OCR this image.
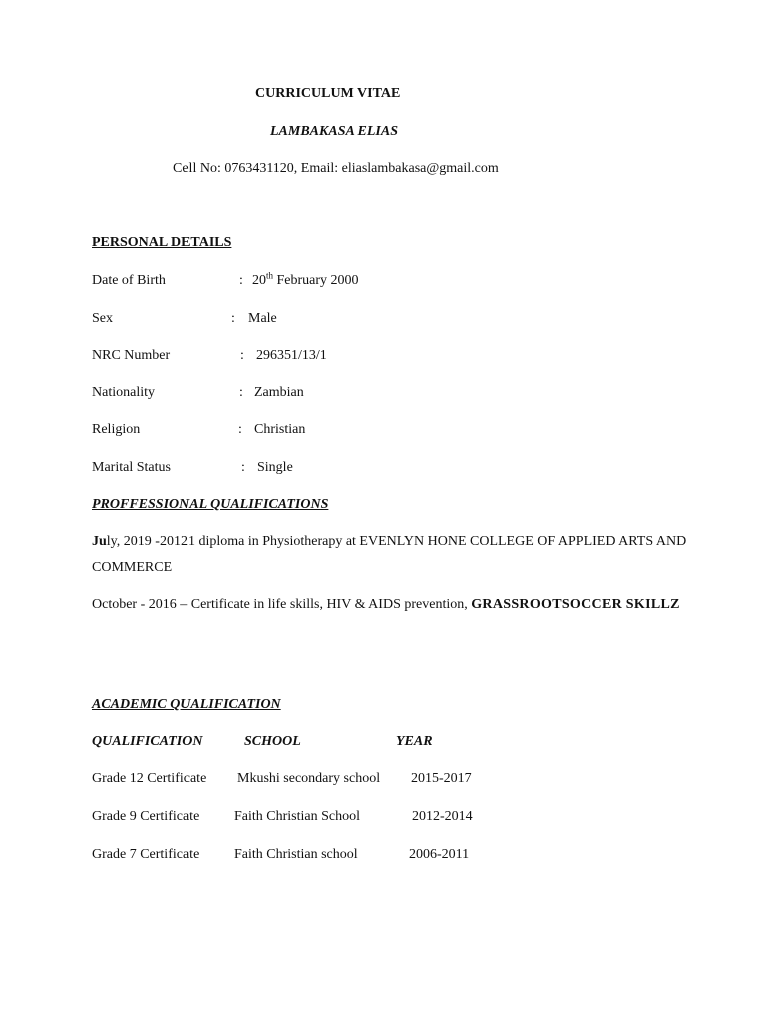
CURRICULUM VITAE
LAMBAKASA ELIAS
Cell No: 0763431120, Email: eliaslambakasa@gmail.com
PERSONAL DETAILS
Date of Birth	: 20th February 2000
Sex	: Male
NRC Number	: 296351/13/1
Nationality	: Zambian
Religion	: Christian
Marital Status	: Single
PROFFESSIONAL QUALIFICATIONS
July, 2019 -20121 diploma in Physiotherapy at EVENLYN HONE COLLEGE OF APPLIED ARTS AND COMMERCE
October - 2016 – Certificate in life skills, HIV & AIDS prevention, GRASSROOTSOCCER SKILLZ
ACADEMIC QUALIFICATION
QUALIFICATION	SCHOOL	YEAR
Grade 12 Certificate Mkushi secondary school 2015-2017
Grade 9 Certificate Faith Christian School	2012-2014
Grade 7 Certificate Faith Christian school	2006-2011
